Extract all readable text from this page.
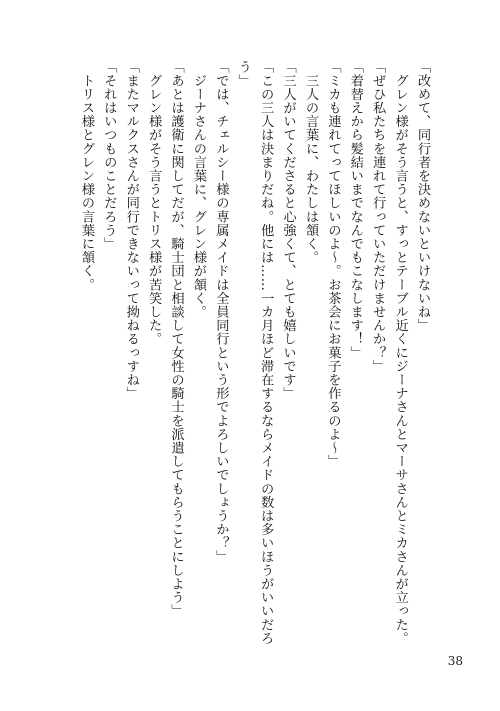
「改めて、同行者を決めないといけないね」
　グレン様がそう言うと、すっとテーブル近くにジーナさんとマーサさんとミカさんが立った。
「ぜひ私たちを連れて行っていただけませんか？」
「着替えから髪結いまでなんでもこなします！」
「ミカも連れてってほしいのよ～。お茶会にお菓子を作るのよ～」
　三人の言葉に、わたしは頷く。
「三人がいてくださると心強くて、とても嬉しいです」
「この三人は決まりだね。他には……一カ月ほど滞在するならメイドの数は多いほうがいいだろ
う」
「では、チェルシー様の専属メイドは全員同行という形でよろしいでしょうか？」
　ジーナさんの言葉に、グレン様が頷く。
「あとは護衛に関してだが、騎士団と相談して女性の騎士を派遣してもらうことにしよう」
　グレン様がそう言うとトリス様が苦笑した。
「またマルクスさんが同行できないって拗ねるっすね」
「それはいつものことだろう」
　トリス様とグレン様の言葉に頷く。
38
